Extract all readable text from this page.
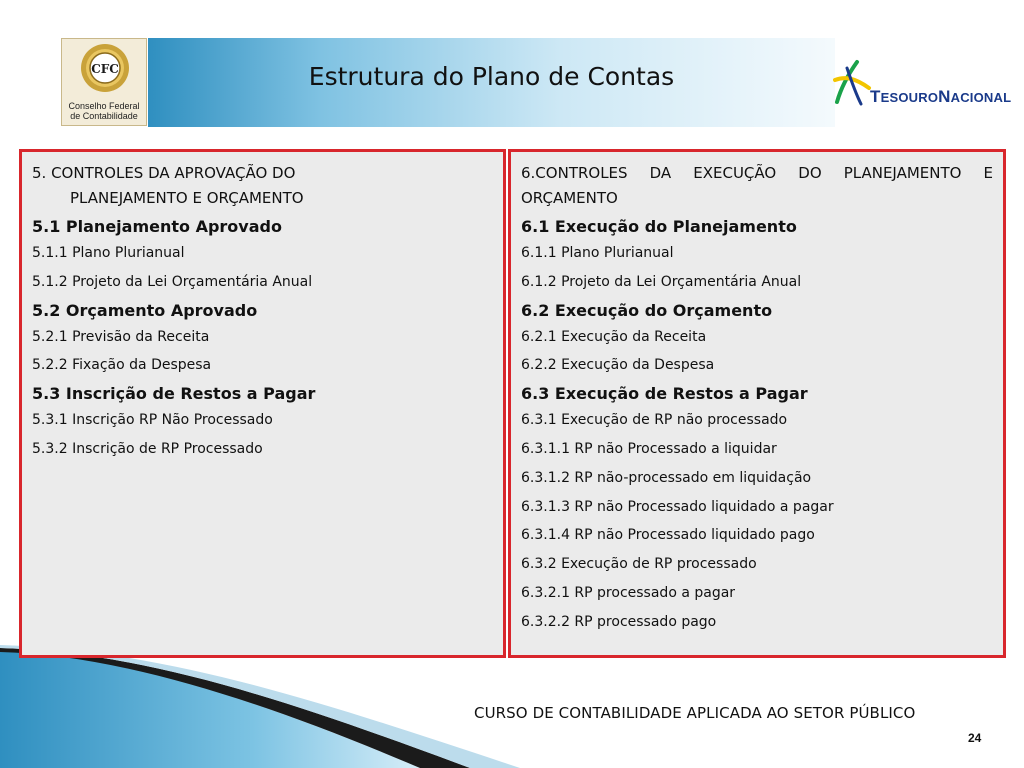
Estrutura do Plano de Contas
CFC
Conselho Federal
de Contabilidade
TESOURONACIONAL
5. CONTROLES DA APROVAÇÃO DO
PLANEJAMENTO E ORÇAMENTO
5.1 Planejamento Aprovado
5.1.1 Plano Plurianual
5.1.2 Projeto da Lei Orçamentária Anual
5.2 Orçamento Aprovado
5.2.1 Previsão da Receita
5.2.2 Fixação da Despesa
5.3 Inscrição de Restos a Pagar
5.3.1 Inscrição RP Não Processado
5.3.2 Inscrição de RP Processado
6.CONTROLES DA EXECUÇÃO DO PLANEJAMENTO E ORÇAMENTO
6.1 Execução do Planejamento
6.1.1 Plano Plurianual
6.1.2 Projeto da Lei Orçamentária Anual
6.2 Execução do Orçamento
6.2.1 Execução da Receita
6.2.2 Execução da Despesa
6.3 Execução de Restos a Pagar
6.3.1 Execução de RP não processado
6.3.1.1 RP não Processado a liquidar
6.3.1.2 RP não-processado em liquidação
6.3.1.3 RP não Processado liquidado a pagar
6.3.1.4 RP não Processado liquidado pago
6.3.2 Execução de RP processado
6.3.2.1 RP processado a pagar
6.3.2.2 RP processado pago
CURSO DE CONTABILIDADE APLICADA AO SETOR PÚBLICO
24
